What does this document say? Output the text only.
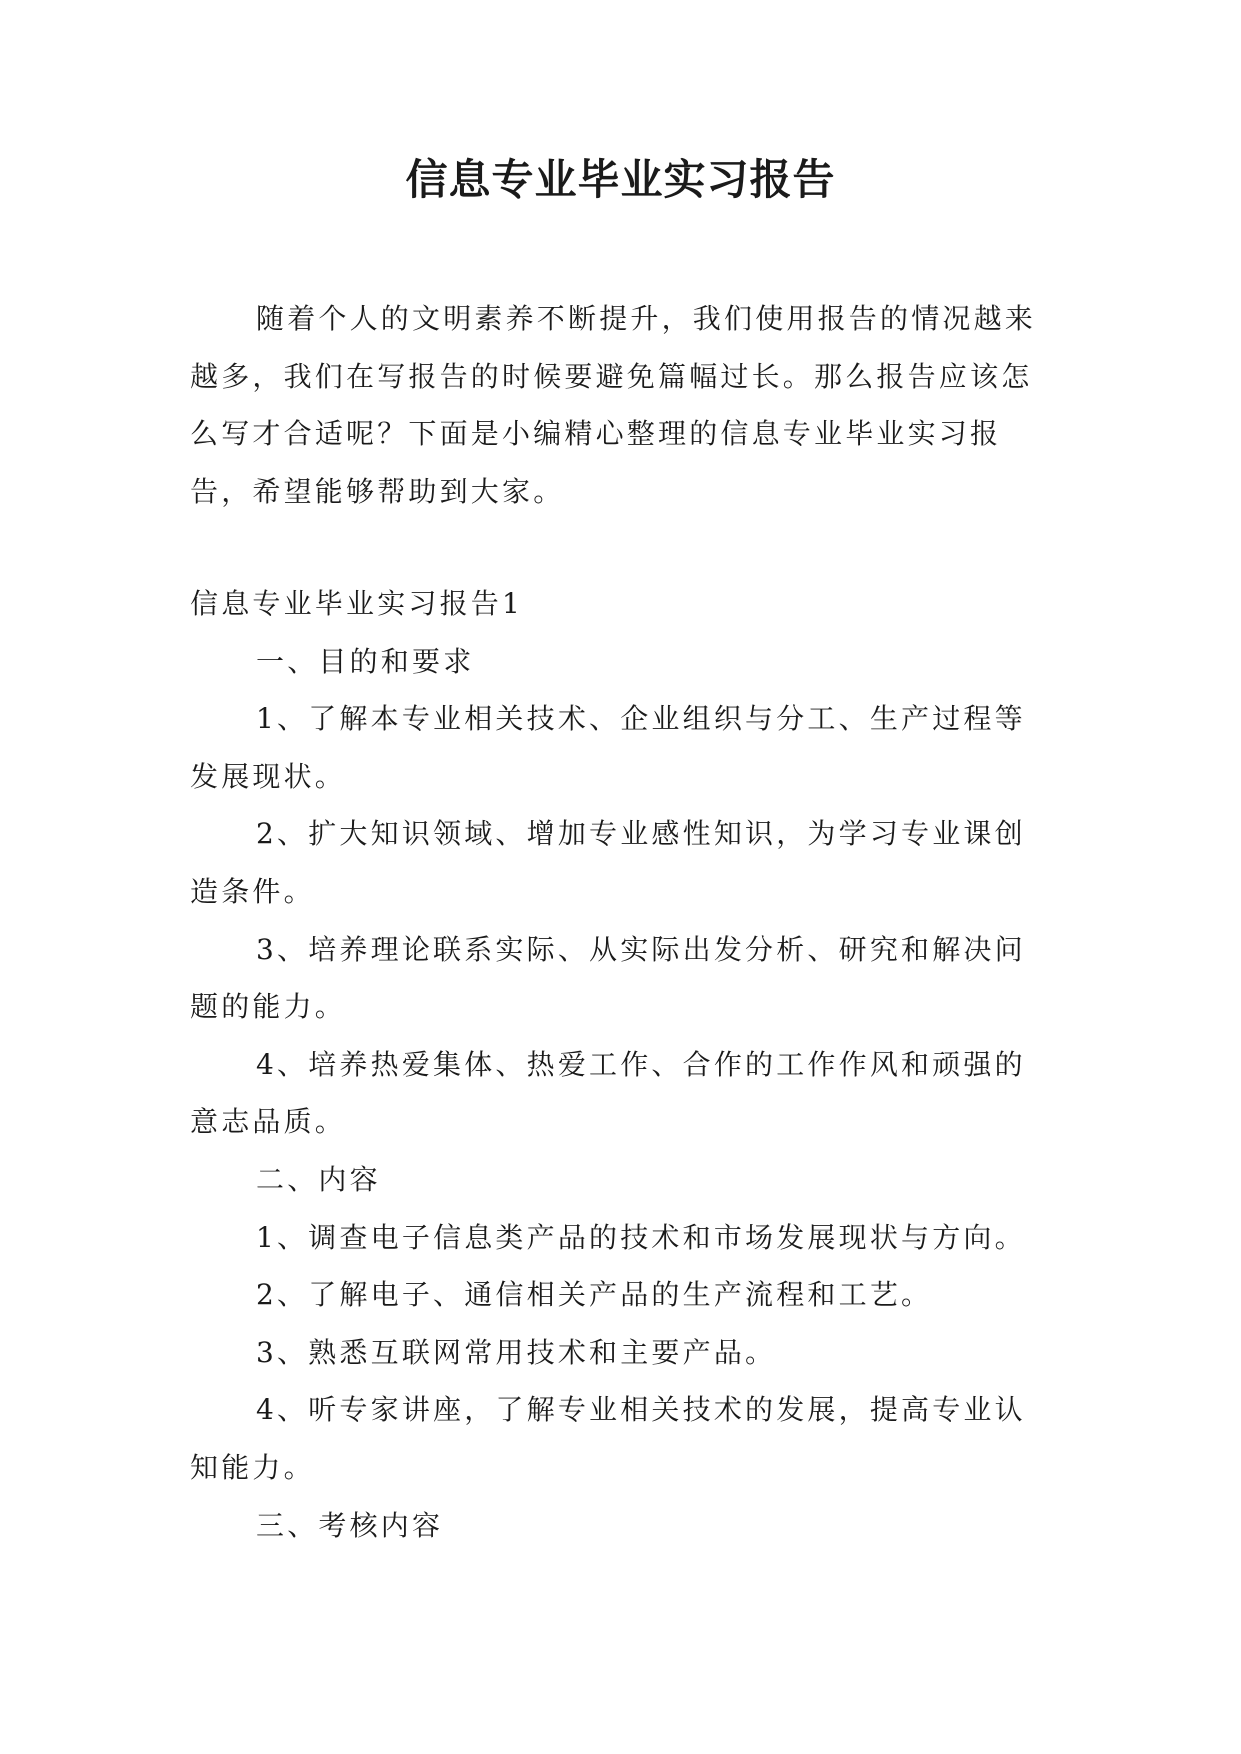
信息专业毕业实习报告

随着个人的文明素养不断提升，我们使用报告的情况越来越多，我们在写报告的时候要避免篇幅过长。那么报告应该怎么写才合适呢？下面是小编精心整理的信息专业毕业实习报告，希望能够帮助到大家。

信息专业毕业实习报告1

一、目的和要求

1、了解本专业相关技术、企业组织与分工、生产过程等发展现状。

2、扩大知识领域、增加专业感性知识，为学习专业课创造条件。

3、培养理论联系实际、从实际出发分析、研究和解决问题的能力。

4、培养热爱集体、热爱工作、合作的工作作风和顽强的意志品质。

二、内容

1、调查电子信息类产品的技术和市场发展现状与方向。

2、了解电子、通信相关产品的生产流程和工艺。

3、熟悉互联网常用技术和主要产品。

4、听专家讲座，了解专业相关技术的发展，提高专业认知能力。

三、考核内容
